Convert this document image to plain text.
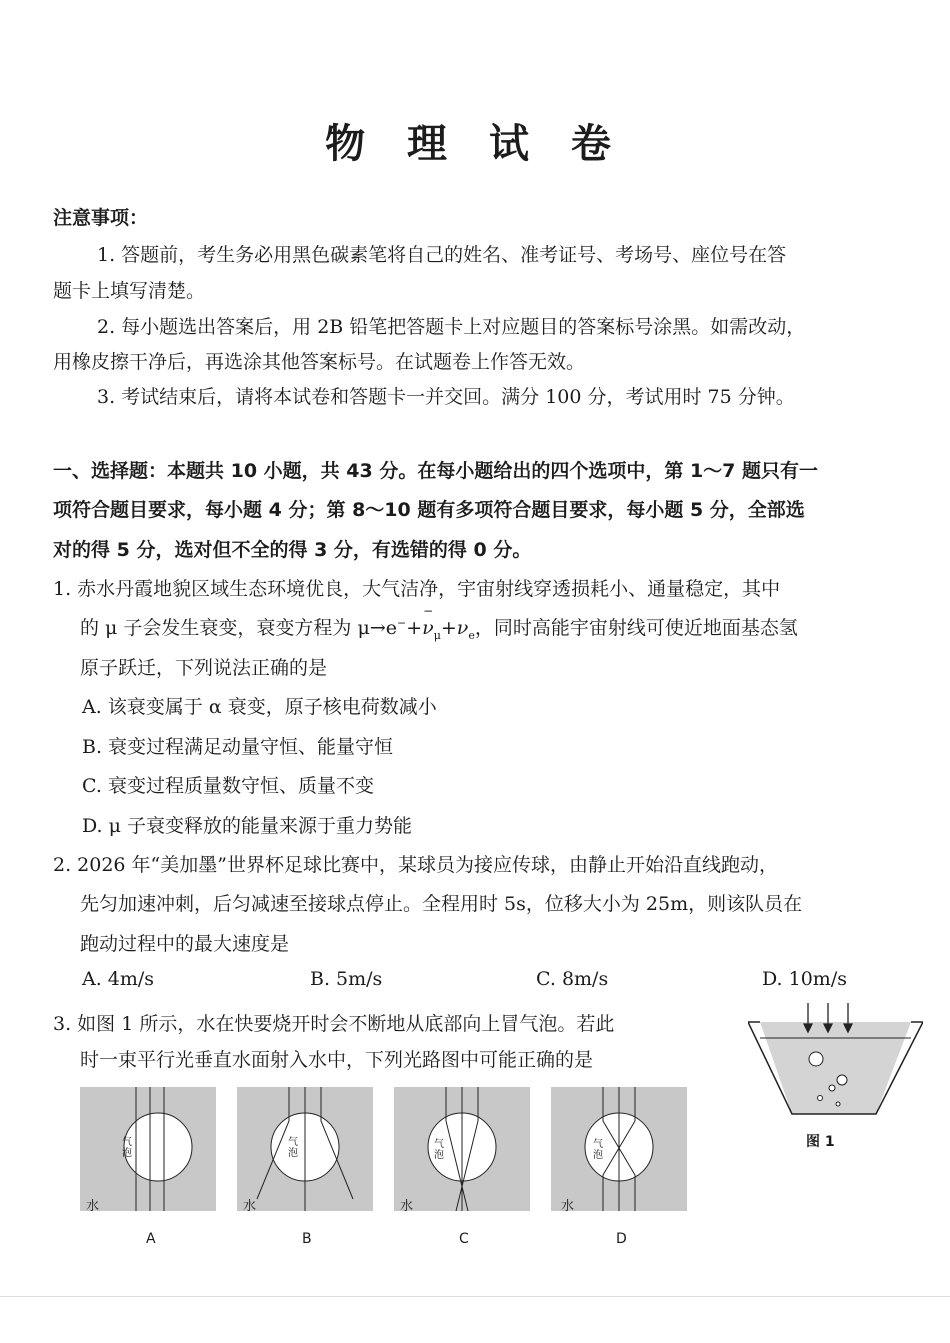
物 理 试 卷
注意事项：
1. 答题前，考生务必用黑色碳素笔将自己的姓名、准考证号、考场号、座位号在答
题卡上填写清楚。
2. 每小题选出答案后，用 2B 铅笔把答题卡上对应题目的答案标号涂黑。如需改动，
用橡皮擦干净后，再选涂其他答案标号。在试题卷上作答无效。
3. 考试结束后，请将本试卷和答题卡一并交回。满分 100 分，考试用时 75 分钟。
一、选择题：本题共 10 小题，共 43 分。在每小题给出的四个选项中，第 1～7 题只有一
项符合题目要求，每小题 4 分；第 8～10 题有多项符合题目要求，每小题 5 分，全部选
对的得 5 分，选对但不全的得 3 分，有选错的得 0 分。
1. 赤水丹霞地貌区域生态环境优良，大气洁净，宇宙射线穿透损耗小、通量稳定，其中
的 μ 子会发生衰变，衰变方程为 μ→e−+
−
$\nu_\mu+\nu_e$，同时高能宇宙射线可使近地面基态氢
原子跃迁，下列说法正确的是
A. 该衰变属于 α 衰变，原子核电荷数减小
B. 衰变过程满足动量守恒、能量守恒
C. 衰变过程质量数守恒、质量不变
D. μ 子衰变释放的能量来源于重力势能
2. 2026 年“美加墨”世界杯足球比赛中，某球员为接应传球，由静止开始沿直线跑动，
先匀加速冲刺，后匀减速至接球点停止。全程用时 5s，位移大小为 25m，则该队员在
跑动过程中的最大速度是
A. 4m/s	B. 5m/s	C. 8m/s	D. 10m/s
3. 如图 1 所示，水在快要烧开时会不断地从底部向上冒气泡。若此
时一束平行光垂直水面射入水中，下列光路图中可能正确的是
图 1
水
气泡
A
水
气泡
B
水
气泡
C
水
气泡
D
